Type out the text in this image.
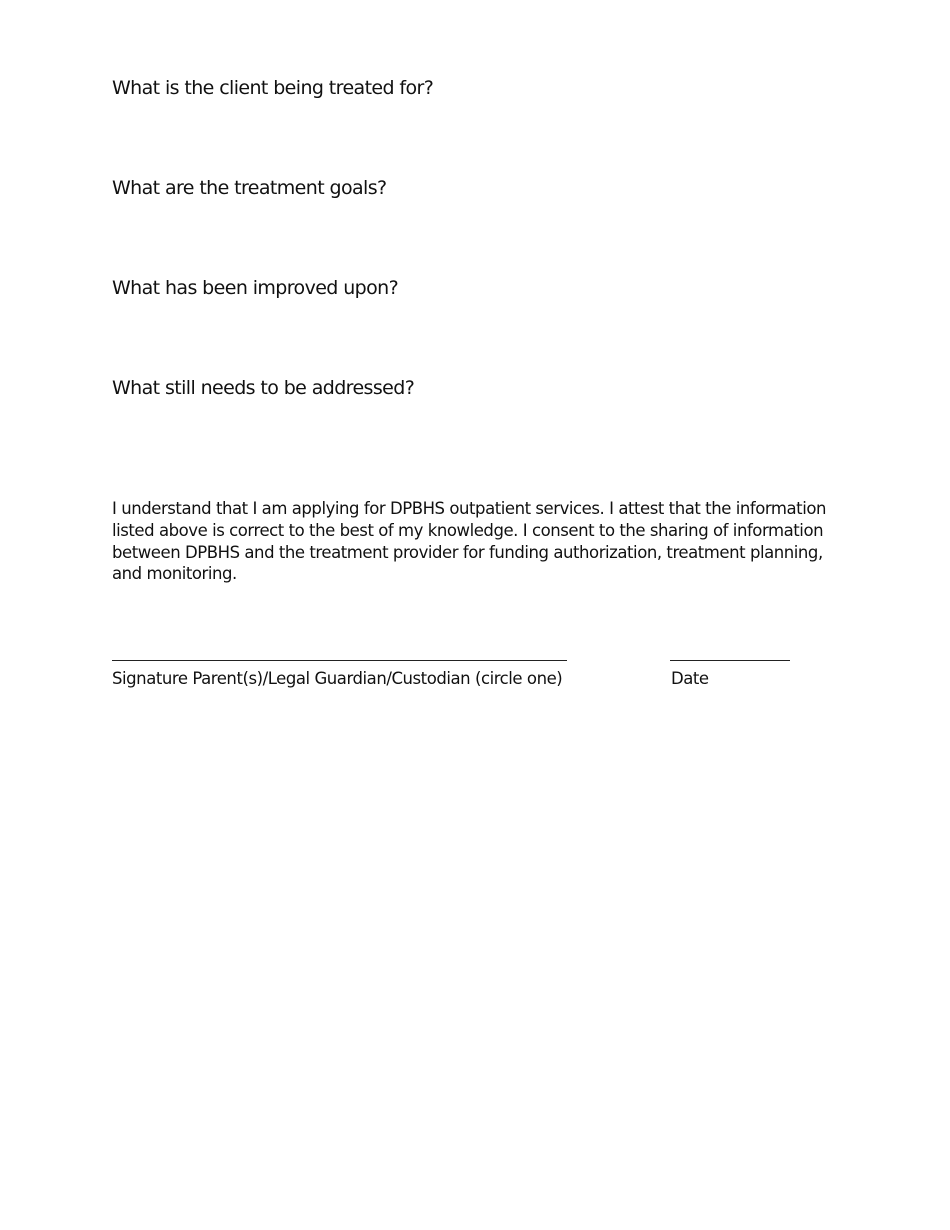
What is the client being treated for?

What are the treatment goals?

What has been improved upon?

What still needs to be addressed?

I understand that I am applying for DPBHS outpatient services. I attest that the information listed above is correct to the best of my knowledge. I consent to the sharing of information between DPBHS and the treatment provider for funding authorization, treatment planning, and monitoring.

Signature Parent(s)/Legal Guardian/Custodian (circle one)	Date
